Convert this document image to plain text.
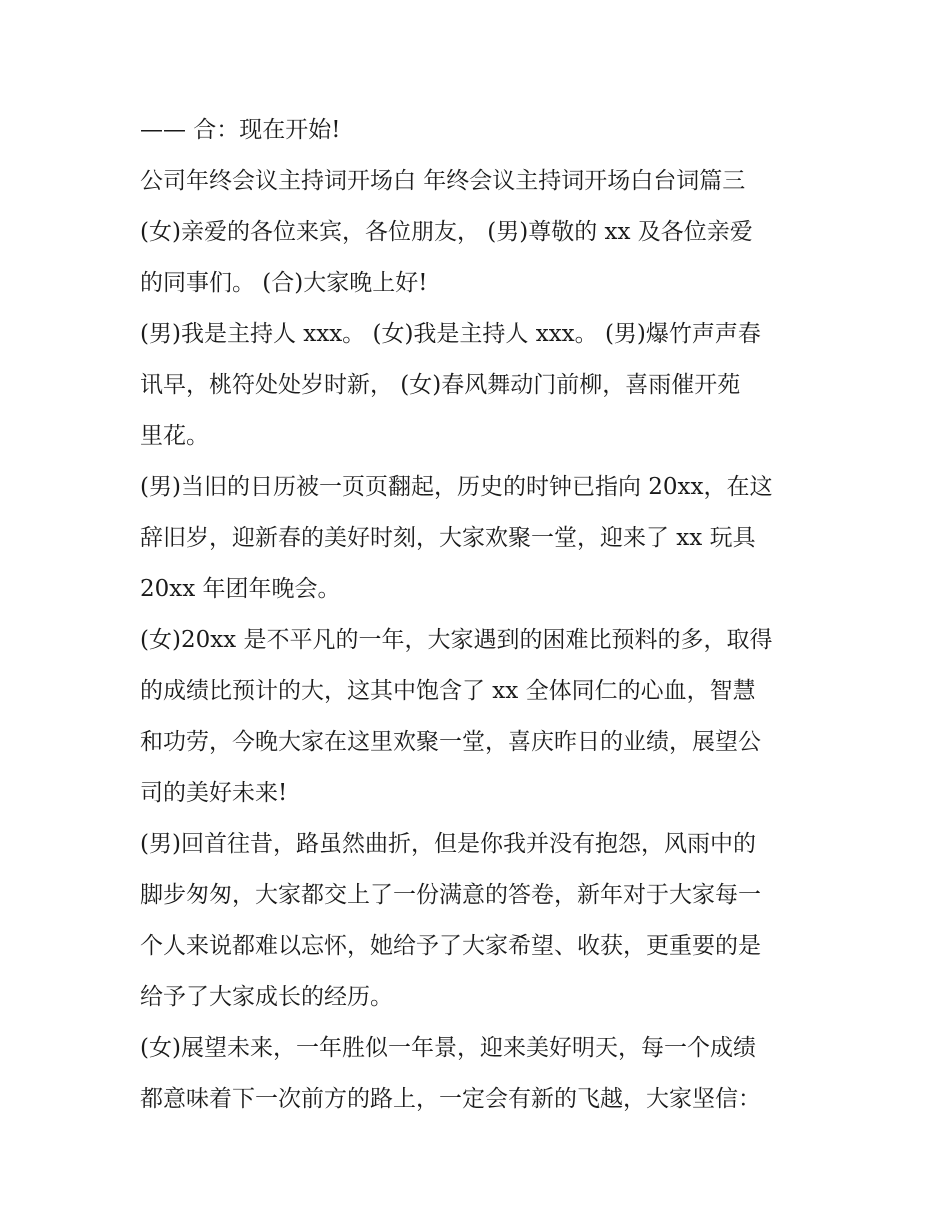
—— 合：现在开始!
公司年终会议主持词开场白 年终会议主持词开场白台词篇三
(女)亲爱的各位来宾，各位朋友， (男)尊敬的 xx 及各位亲爱
的同事们。 (合)大家晚上好!
(男)我是主持人 xxx。 (女)我是主持人 xxx。 (男)爆竹声声春
讯早，桃符处处岁时新， (女)春风舞动门前柳，喜雨催开苑
里花。
(男)当旧的日历被一页页翻起，历史的时钟已指向 20xx，在这
辞旧岁，迎新春的美好时刻，大家欢聚一堂，迎来了 xx 玩具
20xx 年团年晚会。
(女)20xx 是不平凡的一年，大家遇到的困难比预料的多，取得
的成绩比预计的大，这其中饱含了 xx 全体同仁的心血，智慧
和功劳，今晚大家在这里欢聚一堂，喜庆昨日的业绩，展望公
司的美好未来!
(男)回首往昔，路虽然曲折，但是你我并没有抱怨，风雨中的
脚步匆匆，大家都交上了一份满意的答卷，新年对于大家每一
个人来说都难以忘怀，她给予了大家希望、收获，更重要的是
给予了大家成长的经历。
(女)展望未来，一年胜似一年景，迎来美好明天，每一个成绩
都意味着下一次前方的路上，一定会有新的飞越，大家坚信：
